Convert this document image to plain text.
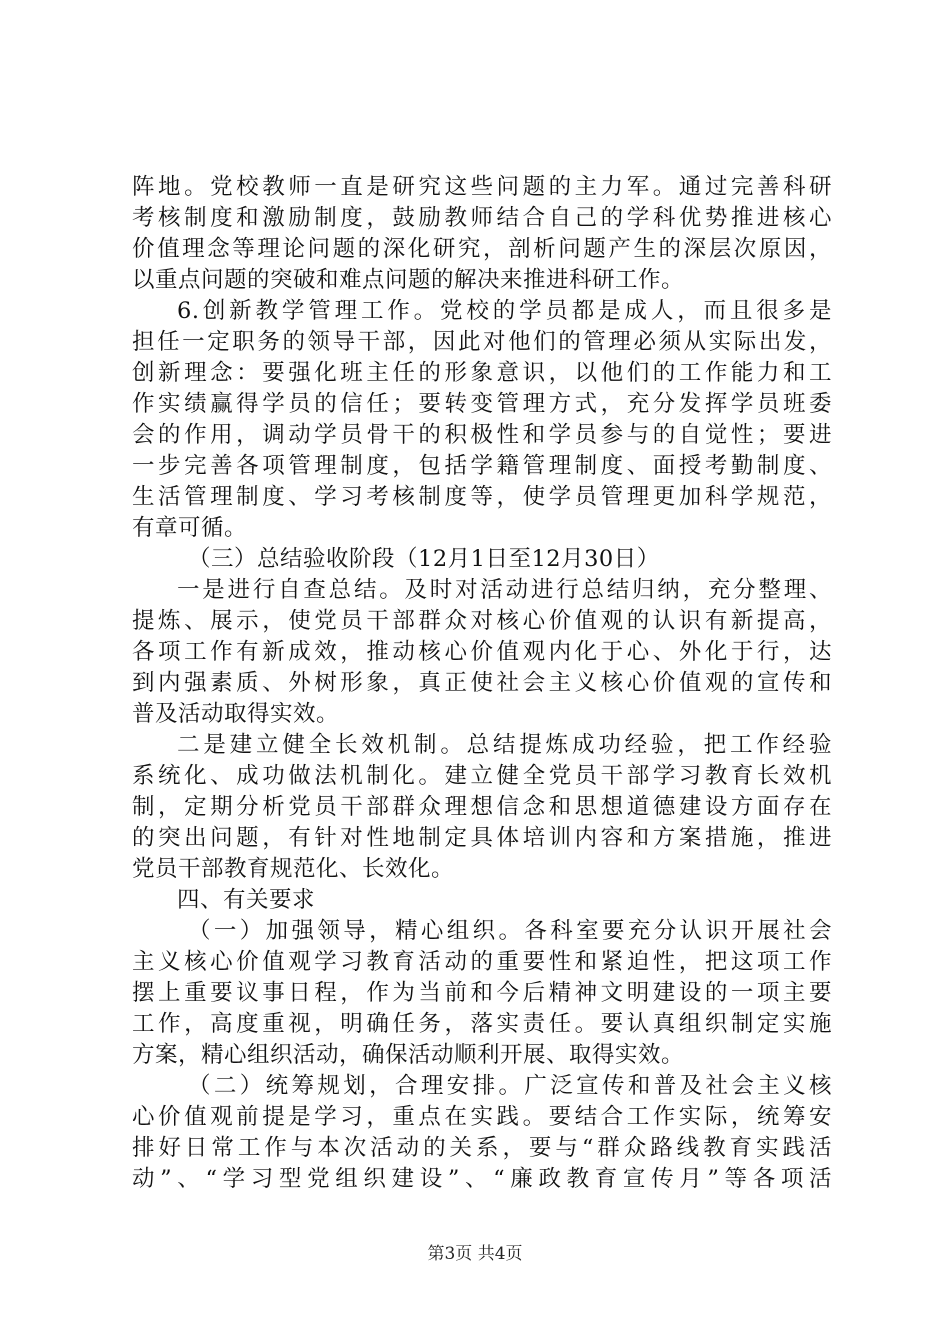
阵地。党校教师一直是研究这些问题的主力军。通过完善科研
考核制度和激励制度，鼓励教师结合自己的学科优势推进核心
价值理念等理论问题的深化研究，剖析问题产生的深层次原因，
以重点问题的突破和难点问题的解决来推进科研工作。
6.创新教学管理工作。党校的学员都是成人，而且很多是
担任一定职务的领导干部，因此对他们的管理必须从实际出发，
创新理念：要强化班主任的形象意识，以他们的工作能力和工
作实绩赢得学员的信任；要转变管理方式，充分发挥学员班委
会的作用，调动学员骨干的积极性和学员参与的自觉性；要进
一步完善各项管理制度，包括学籍管理制度、面授考勤制度、
生活管理制度、学习考核制度等，使学员管理更加科学规范，
有章可循。
（三）总结验收阶段（12月1日至12月30日）
一是进行自查总结。及时对活动进行总结归纳，充分整理、
提炼、展示，使党员干部群众对核心价值观的认识有新提高，
各项工作有新成效，推动核心价值观内化于心、外化于行，达
到内强素质、外树形象，真正使社会主义核心价值观的宣传和
普及活动取得实效。
二是建立健全长效机制。总结提炼成功经验，把工作经验
系统化、成功做法机制化。建立健全党员干部学习教育长效机
制，定期分析党员干部群众理想信念和思想道德建设方面存在
的突出问题，有针对性地制定具体培训内容和方案措施，推进
党员干部教育规范化、长效化。
四、有关要求
（一）加强领导，精心组织。各科室要充分认识开展社会
主义核心价值观学习教育活动的重要性和紧迫性，把这项工作
摆上重要议事日程，作为当前和今后精神文明建设的一项主要
工作，高度重视，明确任务，落实责任。要认真组织制定实施
方案，精心组织活动，确保活动顺利开展、取得实效。
（二）统筹规划，合理安排。广泛宣传和普及社会主义核
心价值观前提是学习，重点在实践。要结合工作实际，统筹安
排好日常工作与本次活动的关系，要与“群众路线教育实践活
动”、“学习型党组织建设”、“廉政教育宣传月”等各项活
第3页 共4页
